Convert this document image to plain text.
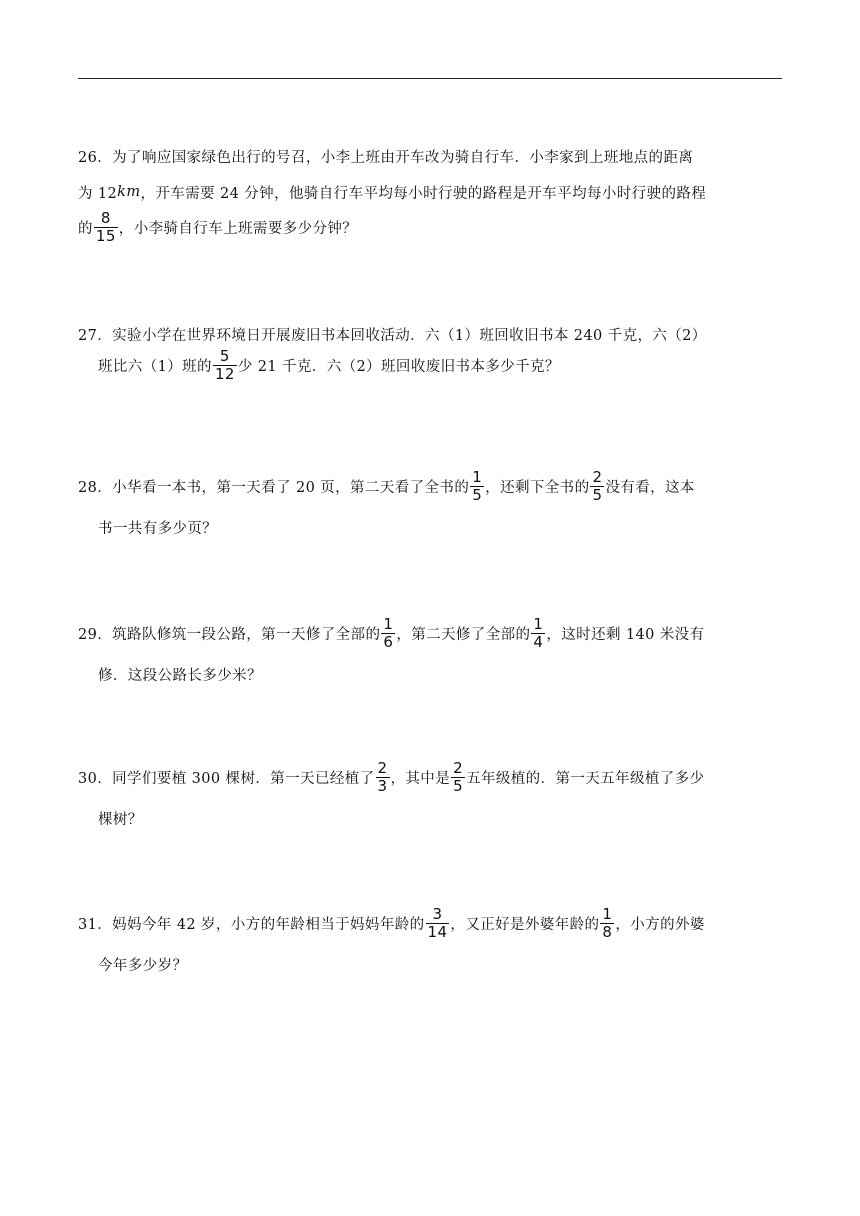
26．为了响应国家绿色出行的号召，小李上班由开车改为骑自行车．小李家到上班地点的距离
为 12 km ，开车需要 24 分钟，他骑自行车平均每小时行驶的路程是开车平均每小时行驶的路程
的 $\frac{8}{15}$ ，小李骑自行车上班需要多少分钟？
27．实验小学在世界环境日开展废旧书本回收活动．六（1）班回收旧书本 240 千克，六（2）
班比六（1）班的 $\frac{5}{12}$ 少 21 千克．六（2）班回收废旧书本多少千克？
28．小华看一本书，第一天看了 20 页，第二天看了全书的 $\frac{1}{5}$ ，还剩下全书的 $\frac{2}{5}$ 没有看，这本
书一共有多少页？
29．筑路队修筑一段公路，第一天修了全部的 $\frac{1}{6}$ ，第二天修了全部的 $\frac{1}{4}$ ，这时还剩 140 米没有
修．这段公路长多少米？
30．同学们要植 300 棵树．第一天已经植了 $\frac{2}{3}$ ，其中是 $\frac{2}{5}$ 五年级植的．第一天五年级植了多少
棵树？
31．妈妈今年 42 岁，小方的年龄相当于妈妈年龄的 $\frac{3}{14}$ ，又正好是外婆年龄的 $\frac{1}{8}$ ，小方的外婆
今年多少岁？
